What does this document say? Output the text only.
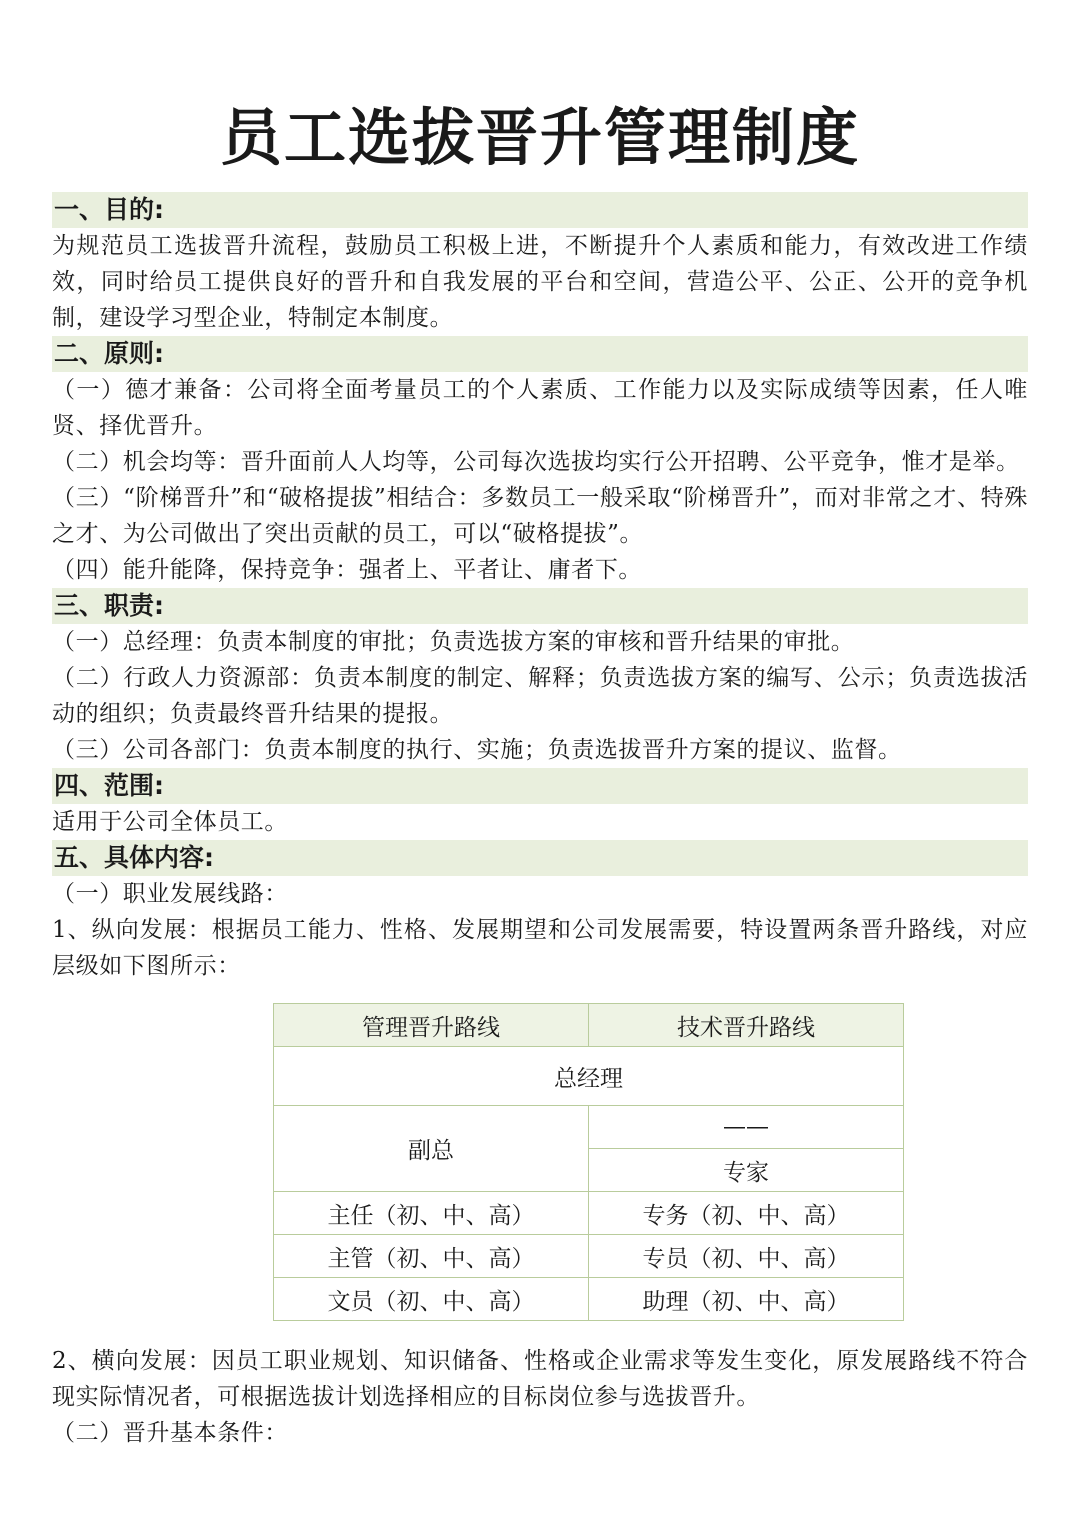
员工选拔晋升管理制度
一、目的:

为规范员工选拔晋升流程，鼓励员工积极上进，不断提升个人素质和能力，有效改进工作绩效，同时给员工提供良好的晋升和自我发展的平台和空间，营造公平、公正、公开的竞争机制，建设学习型企业，特制定本制度。

二、原则:

（一）德才兼备：公司将全面考量员工的个人素质、工作能力以及实际成绩等因素，任人唯贤、择优晋升。

（二）机会均等：晋升面前人人均等，公司每次选拔均实行公开招聘、公平竞争，惟才是举。

（三）“阶梯晋升”和“破格提拔”相结合：多数员工一般采取“阶梯晋升”，而对非常之才、特殊之才、为公司做出了突出贡献的员工，可以“破格提拔”。

（四）能升能降，保持竞争：强者上、平者让、庸者下。

三、职责:

（一）总经理：负责本制度的审批；负责选拔方案的审核和晋升结果的审批。

（二）行政人力资源部：负责本制度的制定、解释；负责选拔方案的编写、公示；负责选拔活动的组织；负责最终晋升结果的提报。

（三）公司各部门：负责本制度的执行、实施；负责选拔晋升方案的提议、监督。

四、范围:

适用于公司全体员工。

五、具体内容:

（一）职业发展线路：

1、纵向发展：根据员工能力、性格、发展期望和公司发展需要，特设置两条晋升路线，对应层级如下图所示：

管理晋升路线	技术晋升路线
总经理	
副总	——
	专家
主任（初、中、高）	专务（初、中、高）
主管（初、中、高）	专员（初、中、高）
文员（初、中、高）	助理（初、中、高）

2、横向发展：因员工职业规划、知识储备、性格或企业需求等发生变化，原发展路线不符合现实际情况者，可根据选拔计划选择相应的目标岗位参与选拔晋升。

（二）晋升基本条件：
